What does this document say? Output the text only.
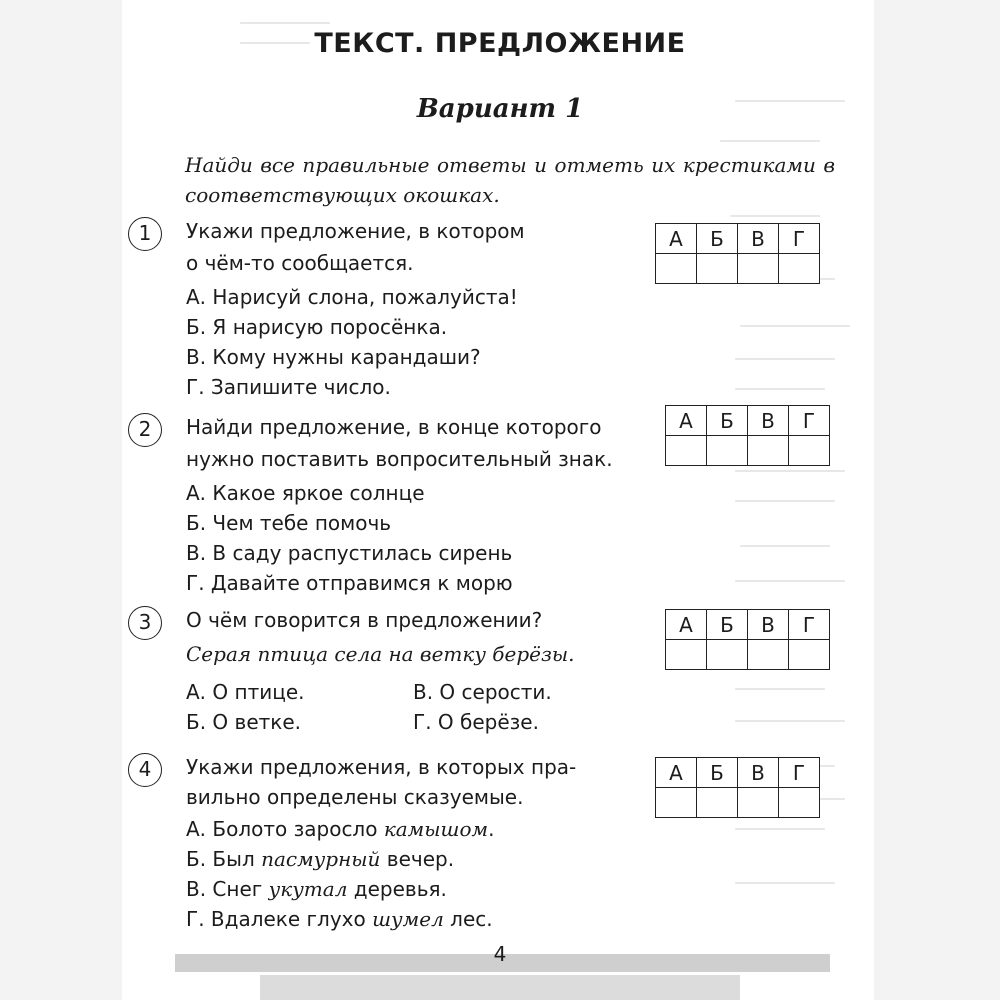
ТЕКСТ. ПРЕДЛОЖЕНИЕ
Вариант 1

Найди все правильные ответы и отметь их крестиками в соответствующих окошках.

1	Укажи предложение, в котором
о чём-то сообщается.
А. Нарисуй слона, пожалуйста!
Б. Я нарисую поросёнка.
В. Кому нужны карандаши?
Г. Запишите число.
А	Б	В	Г

2	Найди предложение, в конце которого
нужно поставить вопросительный знак.
А. Какое яркое солнце
Б. Чем тебе помочь
В. В саду распустилась сирень
Г. Давайте отправимся к морю
А	Б	В	Г

3	О чём говорится в предложении?
Серая птица села на ветку берёзы.
А. О птице.
Б. О ветке.
В. О серости.
Г. О берёзе.
А	Б	В	Г

4	Укажи предложения, в которых пра-
вильно определены сказуемые.
А. Болото заросло камышом.
Б. Был пасмурный вечер.
В. Снег укутал деревья.
Г. Вдалеке глухо шумел лес.
А	Б	В	Г

4
